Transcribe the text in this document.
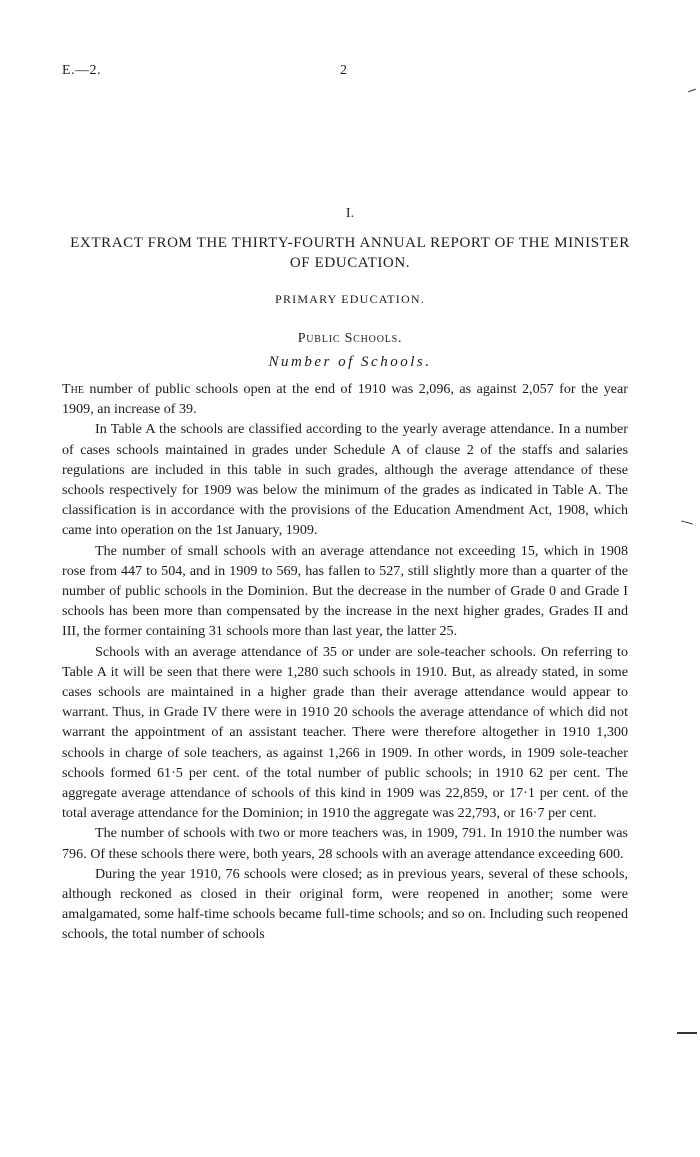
E.—2.	2
I.
EXTRACT FROM THE THIRTY-FOURTH ANNUAL REPORT OF THE MINISTER OF EDUCATION.
PRIMARY EDUCATION.
Public Schools.
Number of Schools.

The number of public schools open at the end of 1910 was 2,096, as against 2,057 for the year 1909, an increase of 39.

In Table A the schools are classified according to the yearly average attendance. In a number of cases schools maintained in grades under Schedule A of clause 2 of the staffs and salaries regulations are included in this table in such grades, although the average attendance of these schools respectively for 1909 was below the minimum of the grades as indicated in Table A. The classification is in accordance with the provisions of the Education Amendment Act, 1908, which came into operation on the 1st January, 1909.

The number of small schools with an average attendance not exceeding 15, which in 1908 rose from 447 to 504, and in 1909 to 569, has fallen to 527, still slightly more than a quarter of the number of public schools in the Dominion. But the decrease in the number of Grade 0 and Grade I schools has been more than compensated by the increase in the next higher grades, Grades II and III, the former containing 31 schools more than last year, the latter 25.

Schools with an average attendance of 35 or under are sole-teacher schools. On referring to Table A it will be seen that there were 1,280 such schools in 1910. But, as already stated, in some cases schools are maintained in a higher grade than their average attendance would appear to warrant. Thus, in Grade IV there were in 1910 20 schools the average attendance of which did not warrant the appointment of an assistant teacher. There were therefore altogether in 1910 1,300 schools in charge of sole teachers, as against 1,266 in 1909. In other words, in 1909 sole-teacher schools formed 61·5 per cent. of the total number of public schools; in 1910 62 per cent. The aggregate average attendance of schools of this kind in 1909 was 22,859, or 17·1 per cent. of the total average attendance for the Dominion; in 1910 the aggregate was 22,793, or 16·7 per cent.

The number of schools with two or more teachers was, in 1909, 791. In 1910 the number was 796. Of these schools there were, both years, 28 schools with an average attendance exceeding 600.

During the year 1910, 76 schools were closed; as in previous years, several of these schools, although reckoned as closed in their original form, were reopened in another; some were amalgamated, some half-time schools became full-time schools; and so on. Including such reopened schools, the total number of schools
